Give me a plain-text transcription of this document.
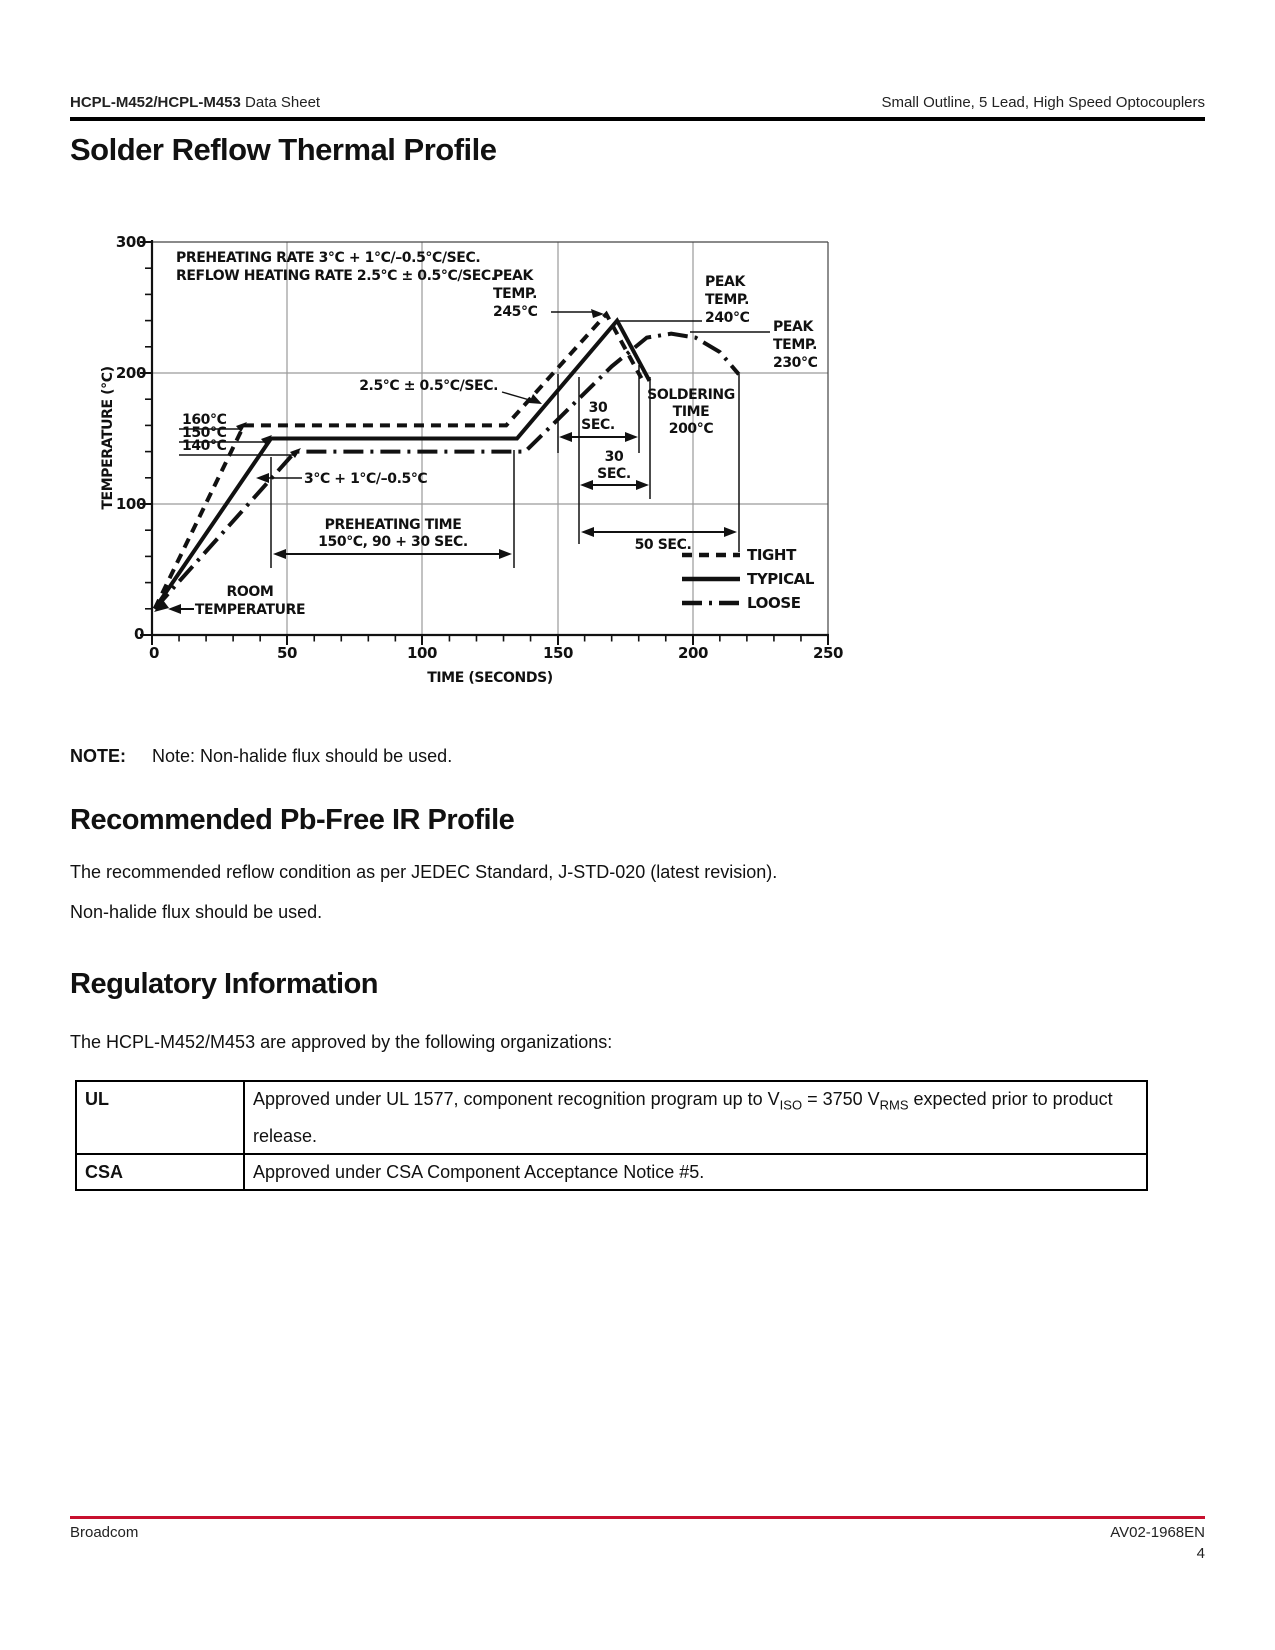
HCPL-M452/HCPL-M453 Data Sheet	Small Outline, 5 Lead, High Speed Optocouplers
Solder Reflow Thermal Profile
300
200
100
0
0	50	100	150	200	250
TIME (SECONDS)
TEMPERATURE (°C)
PREHEATING RATE 3°C + 1°C/–0.5°C/SEC.
REFLOW HEATING RATE 2.5°C ± 0.5°C/SEC.
PEAK
TEMP.
245°C
PEAK
TEMP.
240°C
PEAK
TEMP.
230°C
2.5°C ± 0.5°C/SEC.
160°C
150°C
140°C
3°C + 1°C/–0.5°C
30
SEC.
30
SEC.
SOLDERING
TIME
200°C
50 SEC.
PREHEATING TIME
150°C, 90 + 30 SEC.
ROOM
TEMPERATURE
TIGHT
TYPICAL
LOOSE
NOTE: Note: Non-halide flux should be used.
Recommended Pb-Free IR Profile
The recommended reflow condition as per JEDEC Standard, J-STD-020 (latest revision).
Non-halide flux should be used.
Regulatory Information
The HCPL-M452/M453 are approved by the following organizations:
UL	Approved under UL 1577, component recognition program up to $V_{ISO} = 3750$ $V_{RMS}$ expected prior to product release.
CSA	Approved under CSA Component Acceptance Notice #5.
Broadcom	AV02-1968EN
4
